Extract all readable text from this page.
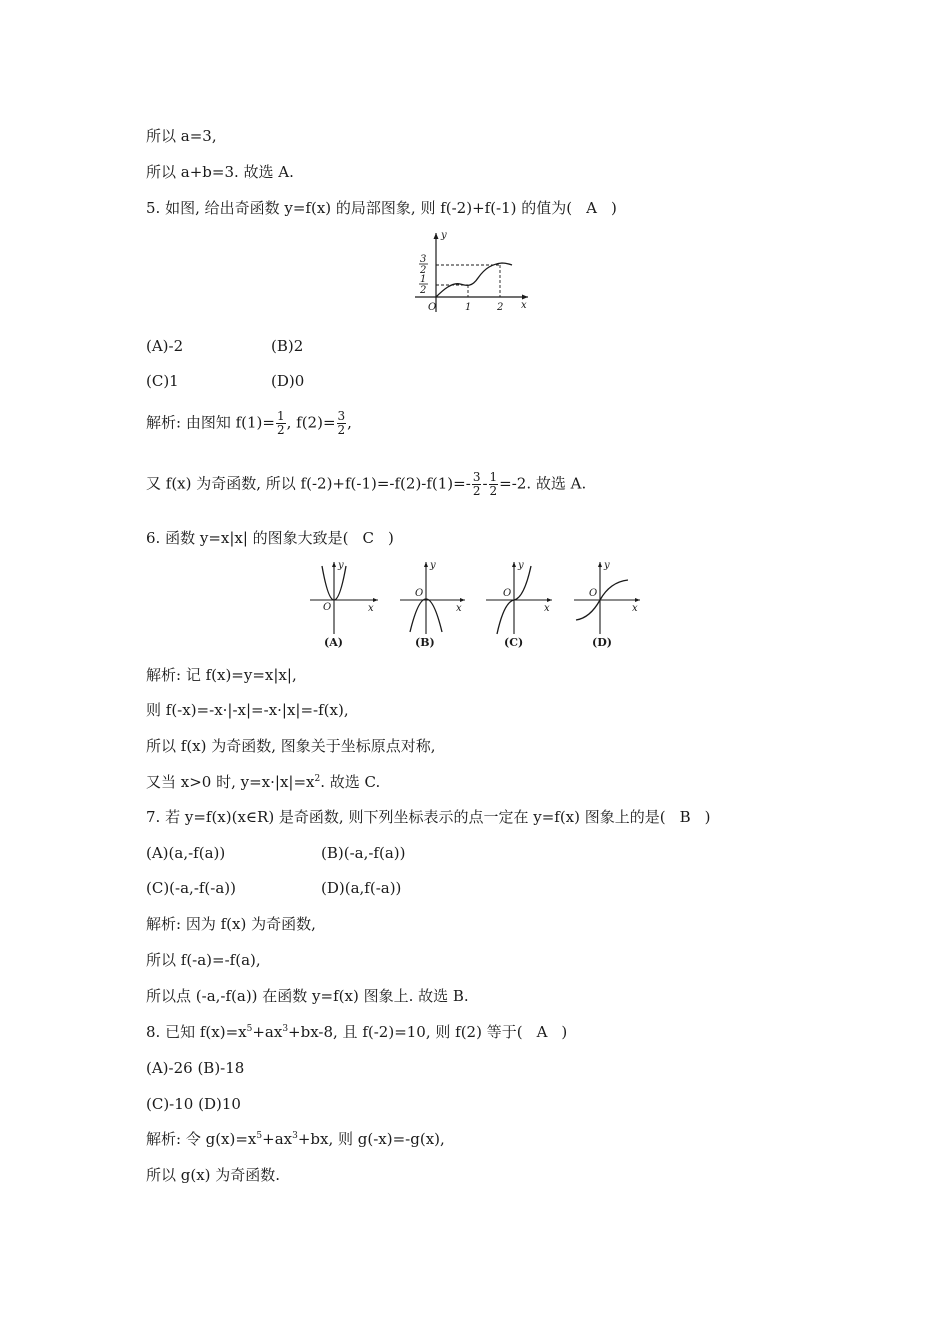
所以 a=3,
所以 a+b=3. 故选 A.
5. 如图, 给出奇函数 y=f(x) 的局部图象, 则 f(-2)+f(-1) 的值为( A )
y
x
O
3
2
1
2
1	2
(A)-2	(B)2
(C)1	(D)0
解析: 由图知 $f(1)= \frac{1}{2}$ , $f(2)= \frac{3}{2}$ ,
又 f(x) 为奇函数, 所以 $f(-2)+f(-1)=-f(2)-f(1)=- \frac{3}{2} - \frac{1}{2} =-2$. 故选 A.
6. 函数 y=x|x| 的图象大致是( C )
y
x
O
(A)
y
x
O
(B)
y
x
O
(C)
y
x
O
(D)
解析: 记 f(x)=y=x|x|,
则 f(-x)=-x·|-x|=-x·|x|=-f(x),
所以 f(x) 为奇函数, 图象关于坐标原点对称,
又当 x>0 时, $y=x\cdot|x|=x^2$. 故选 C.
7. 若 y=f(x)(x∈R) 是奇函数, 则下列坐标表示的点一定在 y=f(x) 图象上的是( B )
(A)(a,-f(a))	(B)(-a,-f(a))
(C)(-a,-f(-a))	(D)(a,f(-a))
解析: 因为 f(x) 为奇函数,
所以 f(-a)=-f(a),
所以点 (-a,-f(a)) 在函数 y=f(x) 图象上. 故选 B.
8. 已知 $f(x)=x^5+ax^3+bx-8$, 且 f(-2)=10, 则 f(2) 等于( A )
(A)-26 (B)-18
(C)-10 (D)10
解析: 令 $g(x)=x^5+ax^3+bx$, 则 g(-x)=-g(x),
所以 g(x) 为奇函数.
